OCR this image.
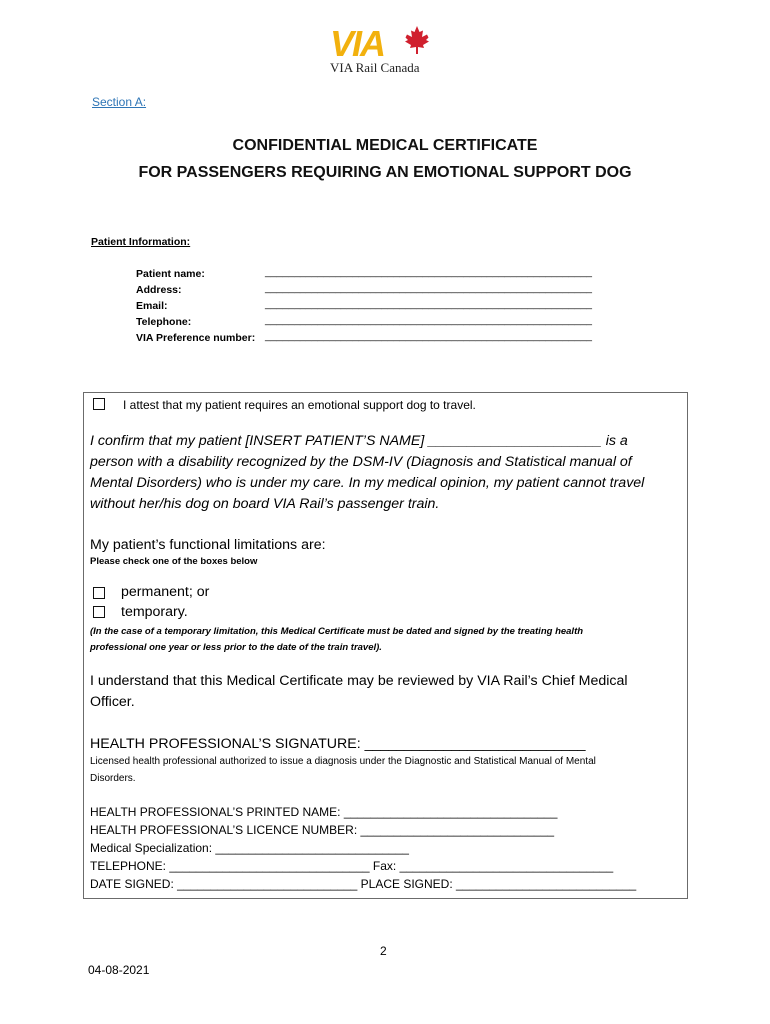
VIA
VIA Rail Canada
Section A:
CONFIDENTIAL MEDICAL CERTIFICATE
FOR PASSENGERS REQUIRING AN EMOTIONAL SUPPORT DOG
Patient Information:
Patient name:	________________________________________________________
Address:	________________________________________________________
Email:	________________________________________________________
Telephone:	________________________________________________________
VIA Preference number: ________________________________________________________
I attest that my patient requires an emotional support dog to travel.
I confirm that my patient [INSERT PATIENT’S NAME] ______________________ is a
person with a disability recognized by the DSM-IV (Diagnosis and Statistical manual of
Mental Disorders) who is under my care. In my medical opinion, my patient cannot travel
without her/his dog on board VIA Rail’s passenger train.
My patient’s functional limitations are:
Please check one of the boxes below
permanent; or
temporary.
(In the case of a temporary limitation, this Medical Certificate must be dated and signed by the treating health
professional one year or less prior to the date of the train travel).
I understand that this Medical Certificate may be reviewed by VIA Rail’s Chief Medical
Officer.
HEALTH PROFESSIONAL’S SIGNATURE: ____________________________
Licensed health professional authorized to issue a diagnosis under the Diagnostic and Statistical Manual of Mental
Disorders.
HEALTH PROFESSIONAL’S PRINTED NAME: ________________________________
HEALTH PROFESSIONAL’S LICENCE NUMBER: _____________________________
Medical Specialization: _____________________________
TELEPHONE: ______________________________ Fax: ________________________________
DATE SIGNED: ___________________________ PLACE SIGNED: ___________________________
2
04-08-2021
